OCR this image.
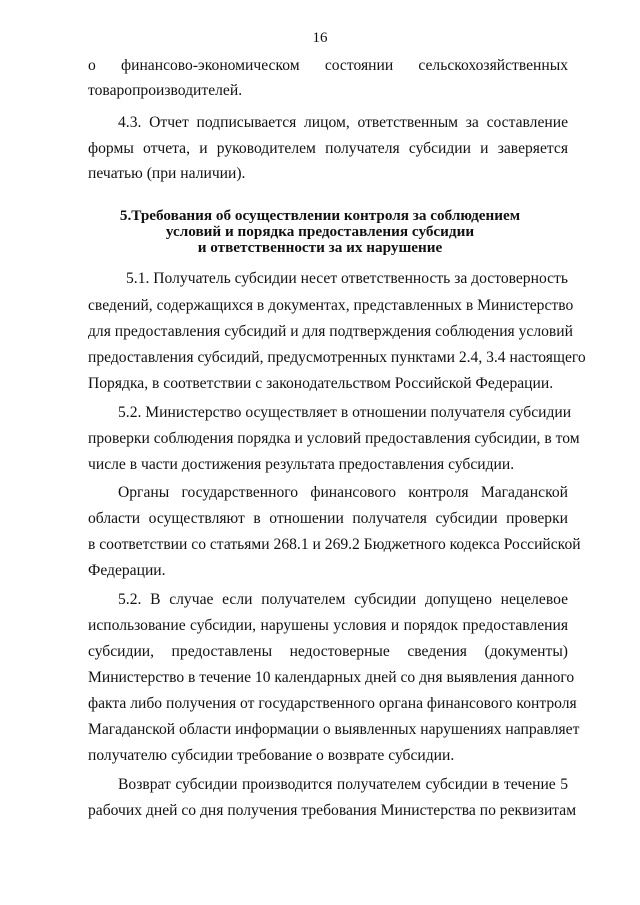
16
о финансово-экономическом состоянии сельскохозяйственных
товаропроизводителей.
4.3. Отчет подписывается лицом, ответственным за составление
формы отчета, и руководителем получателя субсидии и заверяется
печатью (при наличии).
5.Требования об осуществлении контроля за соблюдением
условий и порядка предоставления субсидии
и ответственности за их нарушение
5.1. Получатель субсидии несет ответственность за достоверность
сведений, содержащихся в документах, представленных в Министерство
для предоставления субсидий и для подтверждения соблюдения условий
предоставления субсидий, предусмотренных пунктами 2.4, 3.4 настоящего
Порядка, в соответствии с законодательством Российской Федерации.
5.2. Министерство осуществляет в отношении получателя субсидии
проверки соблюдения порядка и условий предоставления субсидии, в том
числе в части достижения результата предоставления субсидии.
Органы государственного финансового контроля Магаданской
области осуществляют в отношении получателя субсидии проверки
в соответствии со статьями 268.1 и 269.2 Бюджетного кодекса Российской
Федерации.
5.2. В случае если получателем субсидии допущено нецелевое
использование субсидии, нарушены условия и порядок предоставления
субсидии, предоставлены недостоверные сведения (документы)
Министерство в течение 10 календарных дней со дня выявления данного
факта либо получения от государственного органа финансового контроля
Магаданской области информации о выявленных нарушениях направляет
получателю субсидии требование о возврате субсидии.
Возврат субсидии производится получателем субсидии в течение 5
рабочих дней со дня получения требования Министерства по реквизитам
